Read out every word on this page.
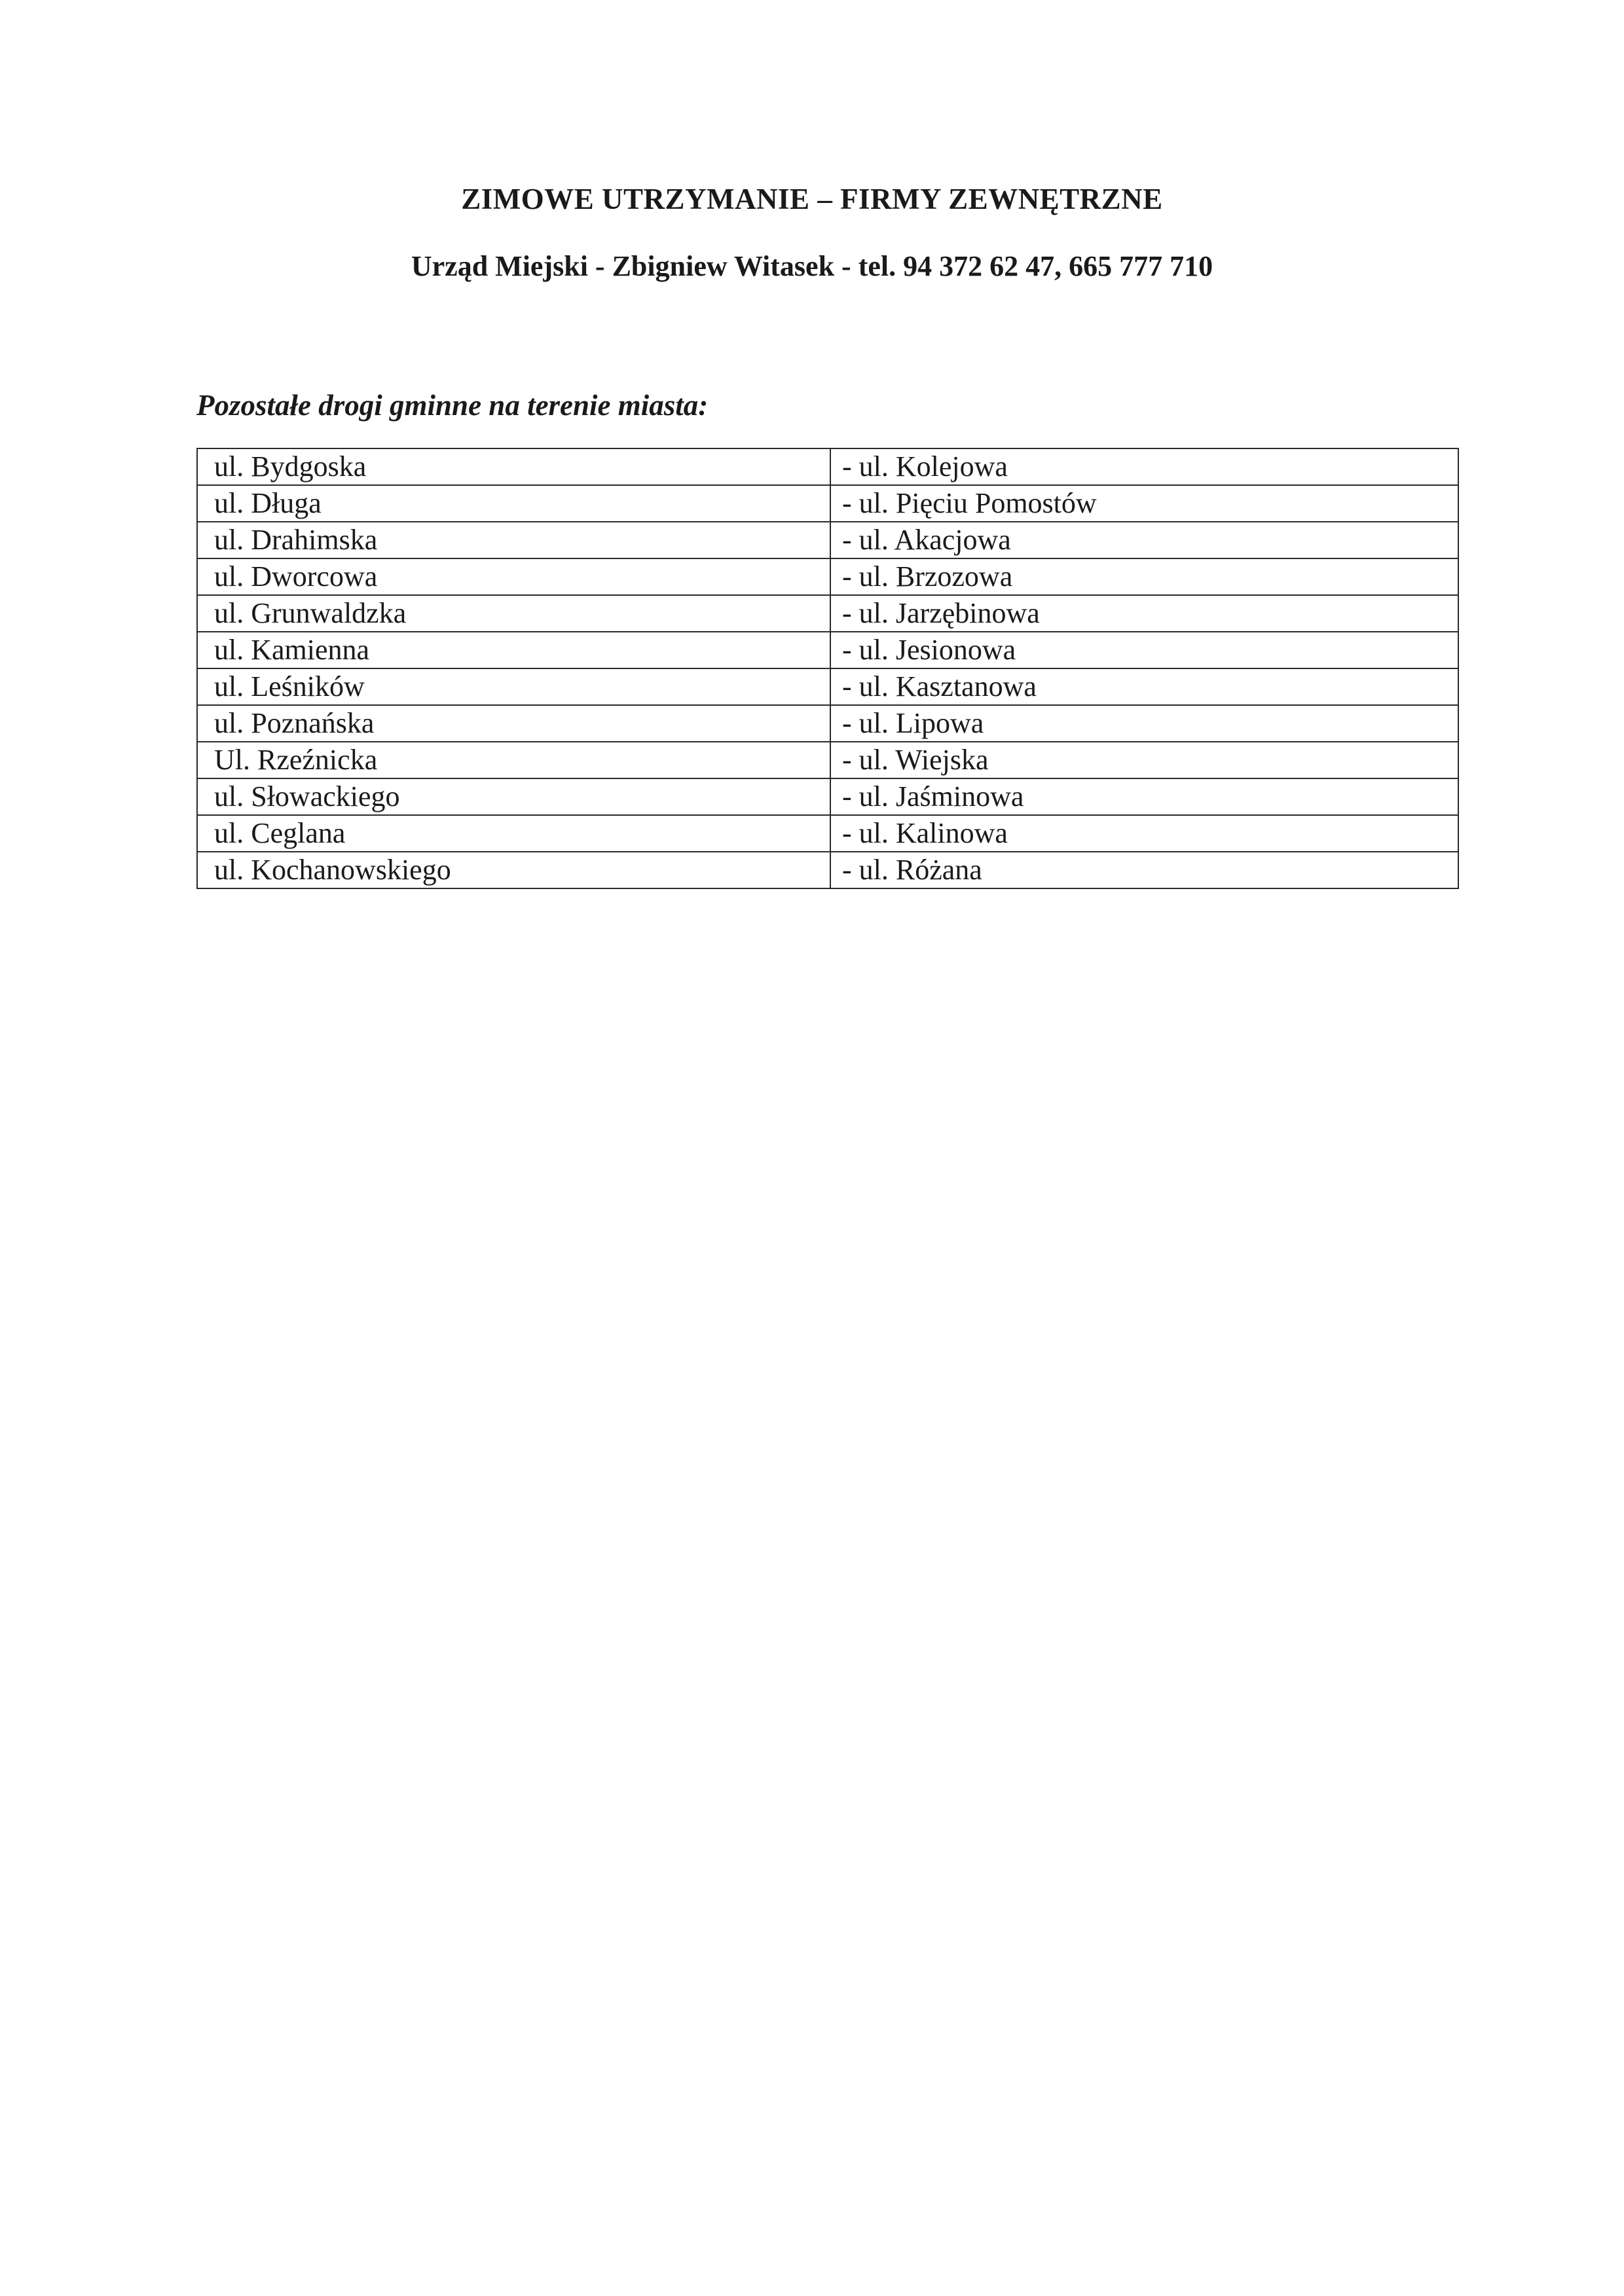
ZIMOWE UTRZYMANIE – FIRMY ZEWNĘTRZNE
Urząd Miejski - Zbigniew Witasek - tel. 94 372 62 47, 665 777 710

Pozostałe drogi gminne na terenie miasta:

ul. Bydgoska	- ul. Kolejowa
ul. Długa	- ul. Pięciu Pomostów
ul. Drahimska	- ul. Akacjowa
ul. Dworcowa	- ul. Brzozowa
ul. Grunwaldzka	- ul. Jarzębinowa
ul. Kamienna	- ul. Jesionowa
ul. Leśników	- ul. Kasztanowa
ul. Poznańska	- ul. Lipowa
Ul. Rzeźnicka	- ul. Wiejska
ul. Słowackiego	- ul. Jaśminowa
ul. Ceglana	- ul. Kalinowa
ul. Kochanowskiego	- ul. Różana
